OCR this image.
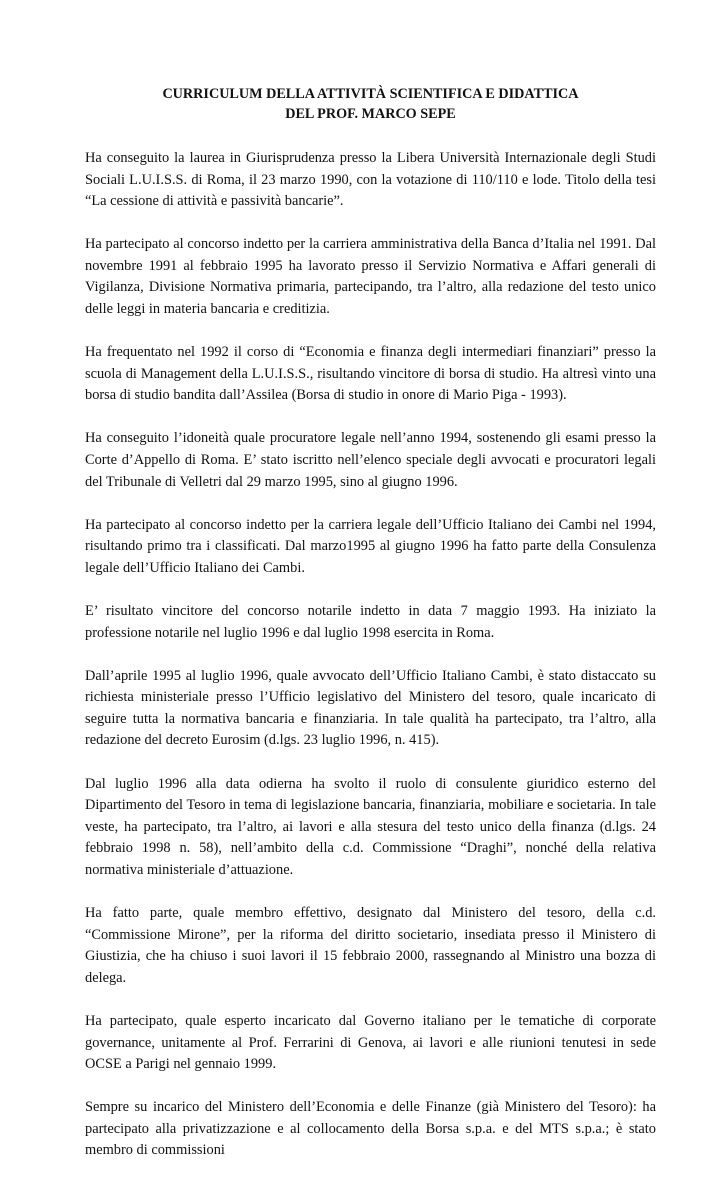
CURRICULUM DELLA ATTIVITÀ SCIENTIFICA E DIDATTICA
DEL PROF. MARCO SEPE

Ha conseguito la laurea in Giurisprudenza presso la Libera Università Internazionale degli Studi Sociali L.U.I.S.S. di Roma, il 23 marzo 1990, con la votazione di 110/110 e lode. Titolo della tesi “La cessione di attività e passività bancarie”.

Ha partecipato al concorso indetto per la carriera amministrativa della Banca d’Italia nel 1991. Dal novembre 1991 al febbraio 1995 ha lavorato presso il Servizio Normativa e Affari generali di Vigilanza, Divisione Normativa primaria, partecipando, tra l’altro, alla redazione del testo unico delle leggi in materia bancaria e creditizia.

Ha frequentato nel 1992 il corso di “Economia e finanza degli intermediari finanziari” presso la scuola di Management della L.U.I.S.S., risultando vincitore di borsa di studio. Ha altresì vinto una borsa di studio bandita dall’Assilea (Borsa di studio in onore di Mario Piga - 1993).

Ha conseguito l’idoneità quale procuratore legale nell’anno 1994, sostenendo gli esami presso la Corte d’Appello di Roma. E’ stato iscritto nell’elenco speciale degli avvocati e procuratori legali del Tribunale di Velletri dal 29 marzo 1995, sino al giugno 1996.

Ha partecipato al concorso indetto per la carriera legale dell’Ufficio Italiano dei Cambi nel 1994, risultando primo tra i classificati. Dal marzo1995 al giugno 1996 ha fatto parte della Consulenza legale dell’Ufficio Italiano dei Cambi.

E’ risultato vincitore del concorso notarile indetto in data 7 maggio 1993. Ha iniziato la professione notarile nel luglio 1996 e dal luglio 1998 esercita in Roma.

Dall’aprile 1995 al luglio 1996, quale avvocato dell’Ufficio Italiano Cambi, è stato distaccato su richiesta ministeriale presso l’Ufficio legislativo del Ministero del tesoro, quale incaricato di seguire tutta la normativa bancaria e finanziaria. In tale qualità ha partecipato, tra l’altro, alla redazione del decreto Eurosim (d.lgs. 23 luglio 1996, n. 415).

Dal luglio 1996 alla data odierna ha svolto il ruolo di consulente giuridico esterno del Dipartimento del Tesoro in tema di legislazione bancaria, finanziaria, mobiliare e societaria. In tale veste, ha partecipato, tra l’altro, ai lavori e alla stesura del testo unico della finanza (d.lgs. 24 febbraio 1998 n. 58), nell’ambito della c.d. Commissione “Draghi”, nonché della relativa normativa ministeriale d’attuazione.

Ha fatto parte, quale membro effettivo, designato dal Ministero del tesoro, della c.d. “Commissione Mirone”, per la riforma del diritto societario, insediata presso il Ministero di Giustizia, che ha chiuso i suoi lavori il 15 febbraio 2000, rassegnando al Ministro una bozza di delega.

Ha partecipato, quale esperto incaricato dal Governo italiano per le tematiche di corporate governance, unitamente al Prof. Ferrarini di Genova, ai lavori e alle riunioni tenutesi in sede OCSE a Parigi nel gennaio 1999.

Sempre su incarico del Ministero dell’Economia e delle Finanze (già Ministero del Tesoro): ha partecipato alla privatizzazione e al collocamento della Borsa s.p.a. e del MTS s.p.a.; è stato membro di commissioni
